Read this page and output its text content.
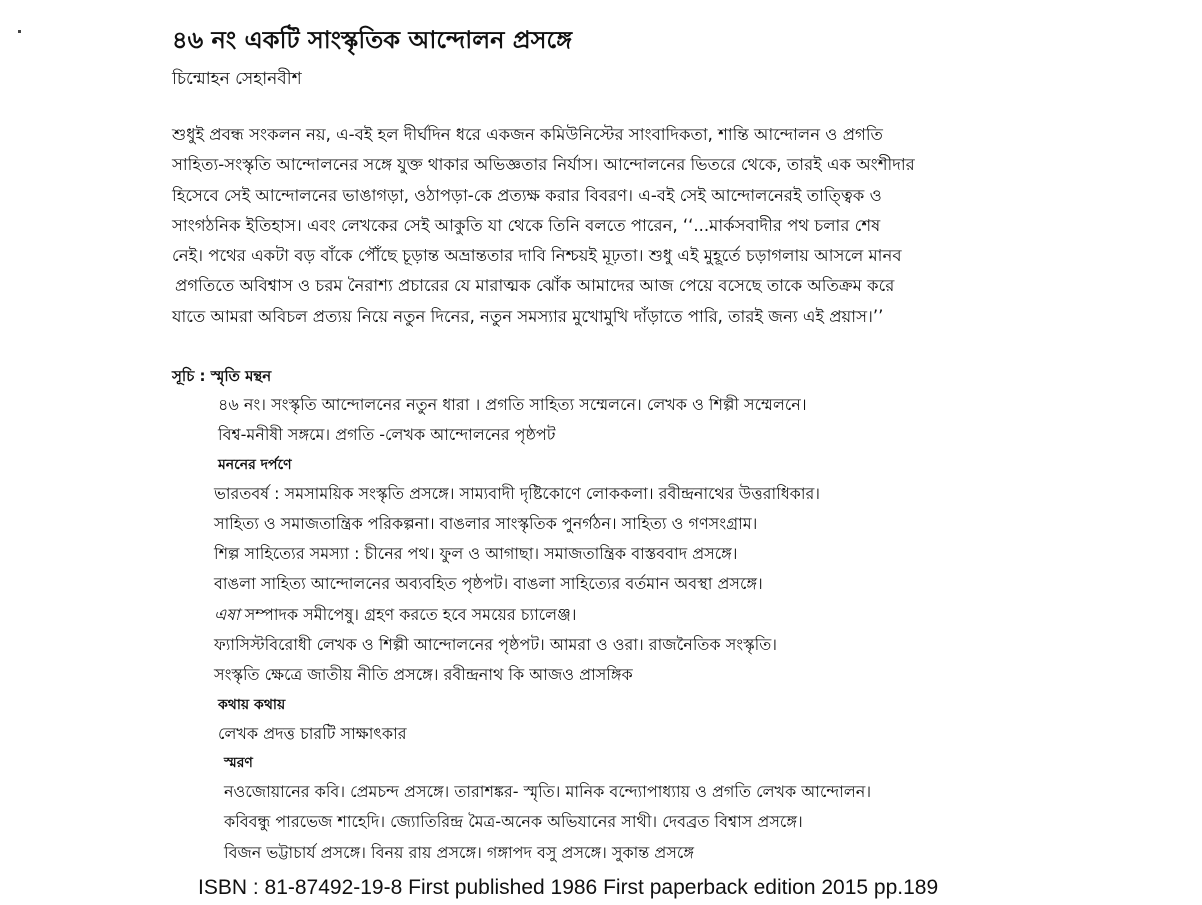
৪৬ নং একটি সাংস্কৃতিক আন্দোলন প্রসঙ্গে
চিন্মোহন সেহানবীশ
শুধুই প্রবন্ধ সংকলন নয়, এ-বই হল দীর্ঘদিন ধরে একজন কমিউনিস্টের সাংবাদিকতা, শান্তি আন্দোলন ও প্রগতি
সাহিত্য-সংস্কৃতি আন্দোলনের সঙ্গে যুক্ত থাকার অভিজ্ঞতার নির্যাস। আন্দোলনের ভিতরে থেকে, তারই এক অংশীদার
হিসেবে সেই আন্দোলনের ভাঙাগড়া, ওঠাপড়া-কে প্রত্যক্ষ করার বিবরণ। এ-বই সেই আন্দোলনেরই তাত্ত্বিক ও
সাংগঠনিক ইতিহাস। এবং লেখকের সেই আকুতি যা থেকে তিনি বলতে পারেন, ‘‘...মার্কসবাদীর পথ চলার শেষ
নেই। পথের একটা বড় বাঁকে পৌঁছে চূড়ান্ত অভ্রান্ততার দাবি নিশ্চয়ই মূঢ়তা। শুধু এই মুহূর্তে চড়াগলায় আসলে মানব
প্রগতিতে অবিশ্বাস ও চরম নৈরাশ্য প্রচারের যে মারাত্মক ঝোঁক আমাদের আজ পেয়ে বসেছে তাকে অতিক্রম করে
যাতে আমরা অবিচল প্রত্যয় নিয়ে নতুন দিনের, নতুন সমস্যার মুখোমুখি দাঁড়াতে পারি, তারই জন্য এই প্রয়াস।’’
সূচি : স্মৃতি মন্থন
৪৬ নং। সংস্কৃতি আন্দোলনের নতুন ধারা । প্রগতি সাহিত্য সম্মেলনে। লেখক ও শিল্পী সম্মেলনে।
বিশ্ব-মনীষী সঙ্গমে। প্রগতি -লেখক আন্দোলনের পৃষ্ঠপট
মননের দর্পণে
ভারতবর্ষ : সমসাময়িক সংস্কৃতি প্রসঙ্গে। সাম্যবাদী দৃষ্টিকোণে লোককলা। রবীন্দ্রনাথের উত্তরাধিকার।
সাহিত্য ও সমাজতান্ত্রিক পরিকল্পনা। বাঙলার সাংস্কৃতিক পুনর্গঠন। সাহিত্য ও গণসংগ্রাম।
শিল্প সাহিত্যের সমস্যা : চীনের পথ। ফুল ও আগাছা। সমাজতান্ত্রিক বাস্তববাদ প্রসঙ্গে।
বাঙলা সাহিত্য আন্দোলনের অব্যবহিত পৃষ্ঠপট। বাঙলা সাহিত্যের বর্তমান অবস্থা প্রসঙ্গে।
এষা সম্পাদক সমীপেষু। গ্রহণ করতে হবে সময়ের চ্যালেঞ্জ।
ফ্যাসিস্টবিরোধী লেখক ও শিল্পী আন্দোলনের পৃষ্ঠপট। আমরা ও ওরা। রাজনৈতিক সংস্কৃতি।
সংস্কৃতি ক্ষেত্রে জাতীয় নীতি প্রসঙ্গে। রবীন্দ্রনাথ কি আজও প্রাসঙ্গিক
কথায় কথায়
লেখক প্রদত্ত চারটি সাক্ষাৎকার
স্মরণ
নওজোয়ানের কবি। প্রেমচন্দ প্রসঙ্গে। তারাশঙ্কর- স্মৃতি। মানিক বন্দ্যোপাধ্যায় ও প্রগতি লেখক আন্দোলন।
কবিবন্ধু পারভেজ শাহেদি। জ্যোতিরিন্দ্র মৈত্র-অনেক অভিযানের সাথী। দেবব্রত বিশ্বাস প্রসঙ্গে।
বিজন ভট্টাচার্য প্রসঙ্গে। বিনয় রায় প্রসঙ্গে। গঙ্গাপদ বসু প্রসঙ্গে। সুকান্ত প্রসঙ্গে
ISBN : 81-87492-19-8 First published 1986 First paperback edition 2015 pp.189
